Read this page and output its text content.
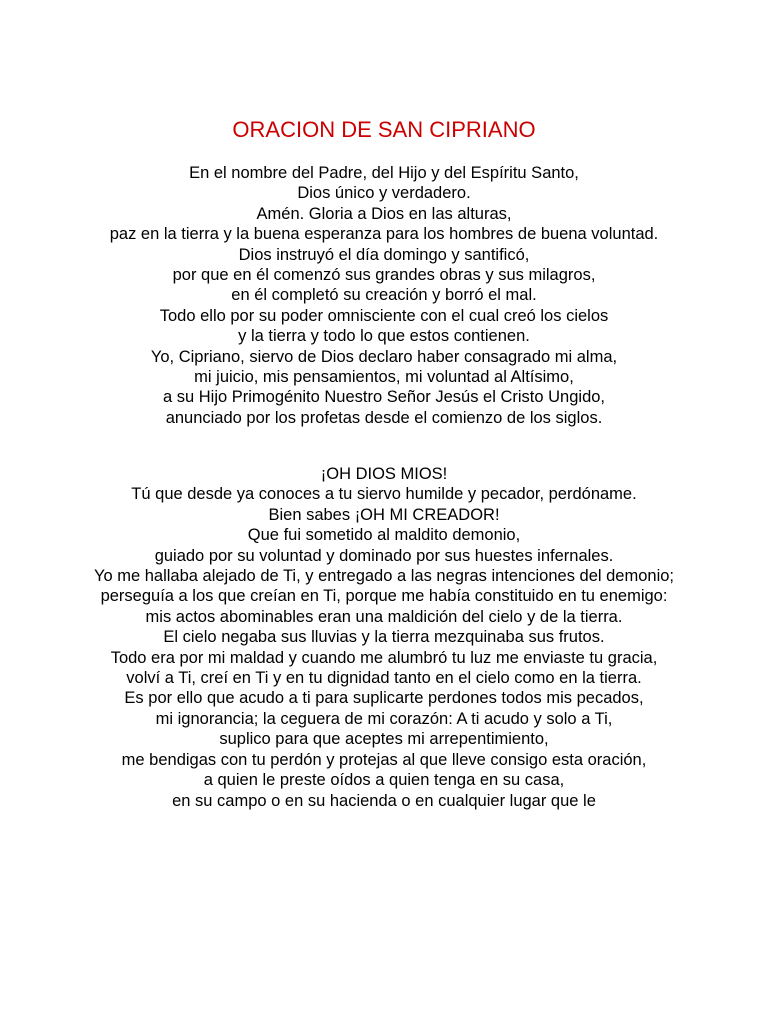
ORACION DE SAN CIPRIANO
En el nombre del Padre, del Hijo y del Espíritu Santo,
Dios único y verdadero.
Amén. Gloria a Dios en las alturas,
paz en la tierra y la buena esperanza para los hombres de buena voluntad.
Dios instruyó el día domingo y santificó,
por que en él comenzó sus grandes obras y sus milagros,
en él completó su creación y borró el mal.
Todo ello por su poder omnisciente con el cual creó los cielos
y la tierra y todo lo que estos contienen.
Yo, Cipriano, siervo de Dios declaro haber consagrado mi alma,
mi juicio, mis pensamientos, mi voluntad al Altísimo,
a su Hijo Primogénito Nuestro Señor Jesús el Cristo Ungido,
anunciado por los profetas desde el comienzo de los siglos.
¡OH DIOS MIOS!
Tú que desde ya conoces a tu siervo humilde y pecador, perdóname.
Bien sabes ¡OH MI CREADOR!
Que fui sometido al maldito demonio,
guiado por su voluntad y dominado por sus huestes infernales.
Yo me hallaba alejado de Ti, y entregado a las negras intenciones del demonio;
perseguía a los que creían en Ti, porque me había constituido en tu enemigo:
mis actos abominables eran una maldición del cielo y de la tierra.
El cielo negaba sus lluvias y la tierra mezquinaba sus frutos.
Todo era por mi maldad y cuando me alumbró tu luz me enviaste tu gracia,
volví a Ti, creí en Ti y en tu dignidad tanto en el cielo como en la tierra.
Es por ello que acudo a ti para suplicarte perdones todos mis pecados,
mi ignorancia; la ceguera de mi corazón: A ti acudo y solo a Ti,
suplico para que aceptes mi arrepentimiento,
me bendigas con tu perdón y protejas al que lleve consigo esta oración,
a quien le preste oídos a quien tenga en su casa,
en su campo o en su hacienda o en cualquier lugar que le
